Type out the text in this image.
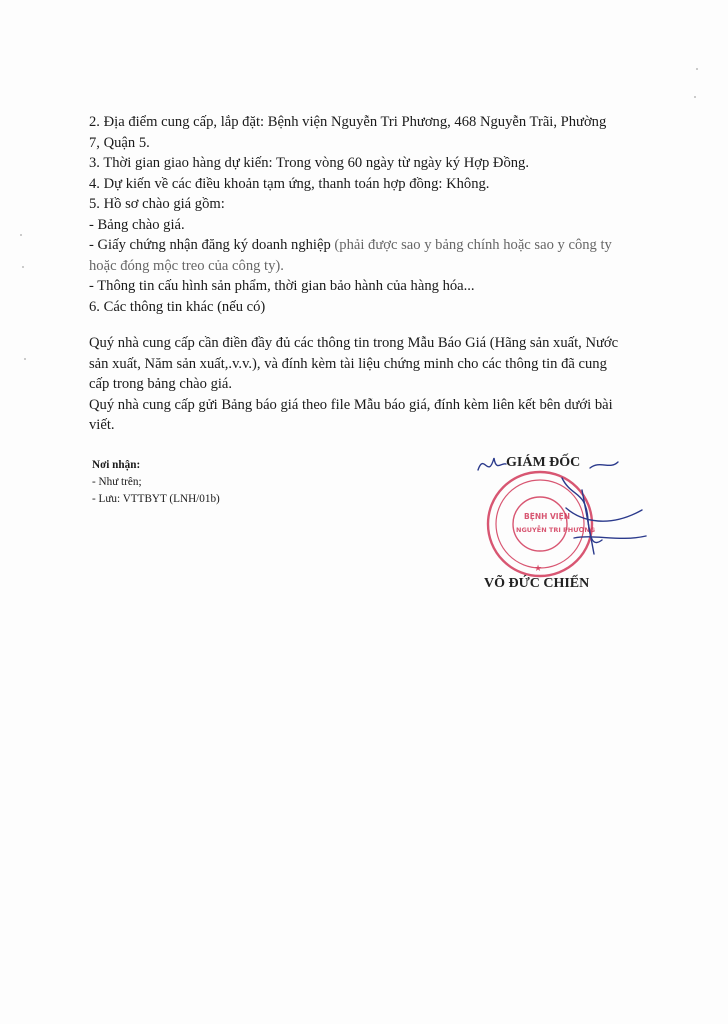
2. Địa điểm cung cấp, lắp đặt: Bệnh viện Nguyễn Tri Phương, 468 Nguyễn Trãi, Phường
7, Quận 5.
3. Thời gian giao hàng dự kiến: Trong vòng 60 ngày từ ngày ký Hợp Đồng.
4. Dự kiến về các điều khoản tạm ứng, thanh toán hợp đồng: Không.
5. Hồ sơ chào giá gồm:
- Bảng chào giá.
- Giấy chứng nhận đăng ký doanh nghiệp (phải được sao y bảng chính hoặc sao y công ty
hoặc đóng mộc treo của công ty).
- Thông tin cấu hình sản phẩm, thời gian bảo hành của hàng hóa...
6. Các thông tin khác (nếu có)
Quý nhà cung cấp cần điền đầy đủ các thông tin trong Mẫu Báo Giá (Hãng sản xuất, Nước
sản xuất, Năm sản xuất,.v.v.), và đính kèm tài liệu chứng minh cho các thông tin đã cung
cấp trong bảng chào giá.
Quý nhà cung cấp gửi Bảng báo giá theo file Mẫu báo giá, đính kèm liên kết bên dưới bài
viết.
Nơi nhận:
- Như trên;
- Lưu: VTTBYT (LNH/01b)
BỆNH VIỆN
NGUYỄN TRI PHƯƠNG
★
GIÁM ĐỐC
VÕ ĐỨC CHIẾN
